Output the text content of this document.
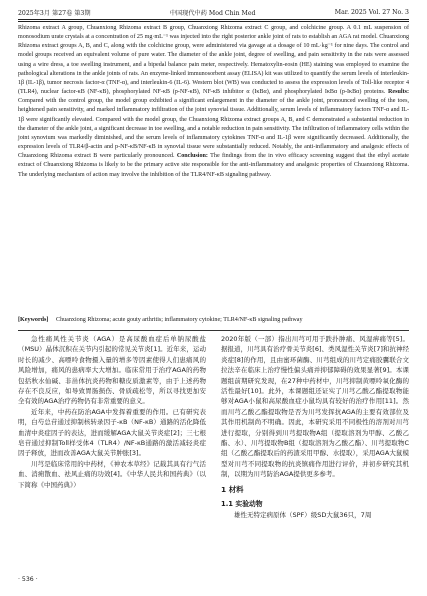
2025年3月 第27卷 第3期	中国现代中药 Mod Chin Med	Mar. 2025 Vol. 27 No. 3

Rhizoma extract A group, Chuanxiong Rhizoma extract B group, Chuanxiong Rhizoma extract C group, and colchicine group. A 0.1 mL suspension of monosodium urate crystals at a concentration of 25 mg·mL⁻¹ was injected into the right posterior ankle joint of rats to establish an AGA rat model. Chuanxiong Rhizoma extract groups A, B, and C, along with the colchicine group, were administered via gavage at a dosage of 10 mL·kg⁻¹ for nine days. The control and model groups received an equivalent volume of pure water. The diameter of the ankle joint, degree of swelling, and pain sensitivity in the rats were assessed using a wire dress, a toe swelling instrument, and a bipedal balance pain meter, respectively. Hematoxylin-eosin (HE) staining was employed to examine the pathological alterations in the ankle joints of rats. An enzyme-linked immunosorbent assay (ELISA) kit was utilized to quantify the serum levels of interleukin-1β (IL-1β), tumor necrosis factor-α (TNF-α), and interleukin-6 (IL-6). Western blot (WB) was conducted to assess the expression levels of Toll-like receptor 4 (TLR4), nuclear factor-κB (NF-κB), phosphorylated NF-κB (p-NF-κB), NF-κB inhibitor α (IκBα), and phosphorylated IκBα (p-IκBα) proteins. Results: Compared with the control group, the model group exhibited a significant enlargement in the diameter of the ankle joint, pronounced swelling of the toes, heightened pain sensitivity, and marked inflammatory infiltration of the joint synovial tissue. Additionally, serum levels of inflammatory factors TNF-α and IL-1β were significantly elevated. Compared with the model group, the Chuanxiong Rhizoma extract groups A, B, and C demonstrated a substantial reduction in the diameter of the ankle joint, a significant decrease in toe swelling, and a notable reduction in pain sensitivity. The infiltration of inflammatory cells within the joint synovium was markedly diminished, and the serum levels of inflammatory cytokines TNF-α and IL-1β were significantly decreased. Additionally, the expression levels of TLR4/β-actin and p-NF-κB/NF-κB in synovial tissue were substantially reduced. Notably, the anti-inflammatory and analgesic effects of Chuanxiong Rhizoma extract B were particularly pronounced. Conclusion: The findings from the in vivo efficacy screening suggest that the ethyl acetate extract of Chuanxiong Rhizoma is likely to be the primary active site responsible for the anti-inflammatory and analgesic properties of Chuanxiong Rhizoma. The underlying mechanism of action may involve the inhibition of the TLR4/NF-κB signaling pathway.

[Keywords] Chuanxiong Rhizoma; acute gouty arthritis; inflammatory cytokine; TLR4/NF-κB signaling pathway

急性痛风性关节炎（AGA）是高尿酸血症后单钠尿酸盐（MSU）晶体沉积在关节内引起的常见关节炎[1]。近年来，运动时长的减少、高嘌呤食物摄入量的增多等因素使得人们患痛风的风险增加，痛风的患病率大大增加。临床常用于治疗AGA的药物包括秋水仙碱、非甾体抗炎药物和糖皮质激素等，由于上述药物存在不良反应，如导致胃肠损伤、骨质疏松等，所以寻找更加安全有效的AGA治疗药物仍有非常重要的意义。

近年来，中药在防治AGA中发挥着重要的作用。已有研究表明，白芍总苷通过抑制核转录因子-κB（NF-κB）通路的活化降低血清中炎症因子的表达，进而缓解AGA大鼠关节炎症[2]；三七根皂苷通过抑制Toll样受体4（TLR4）/NF-κB通路的激活减轻炎症因子释放，进而改善AGA大鼠关节肿胀[3]。

川芎是临床常用的中药材，《神农本草经》记载其具有行气活血、消痈散血、祛风止痛的功效[4]。《中华人民共和国药典》（以下简称《中国药典》）

2020年版（一部）指出川芎可用于跌扑肿痛、风湿痹痛等[5]。据报道，川芎具有治疗骨关节炎[6]、类风湿性关节炎[7]和抗神经炎症[8]的作用，且由蜜环菌酶、川芎组成的川芎定痛胶囊联合文拉法辛在临床上治疗慢性偏头痛并抑郁障碍的效果显著[9]。本课题组前期研究发现，在27种中药材中，川芎抑制黄嘌呤氧化酶的活性最好[10]。此外，本课题组还证实了川芎乙酸乙酯提取物能够对AGA小鼠和高尿酸血症小鼠均具有较好的治疗作用[11]。然而川芎乙酸乙酯提取物是否为川芎发挥抗AGA的主要有效部位及其作用机制尚不明确。因此，本研究采用不同极性的溶剂对川芎进行提取，分别得到川芎提取物A组（提取溶剂为甲醇、乙酸乙酯、水）、川芎提取物B组（提取溶剂为乙酸乙酯）、川芎提取物C组（乙酸乙酯提取后的药渣采用甲醇、水提取），采用AGA大鼠模型对川芎不同提取物的抗炎镇痛作用进行评价，并初步研究其机制，以期为川芎防治AGA提供更多参考。

1 材料
1.1 实验动物

雄性无特定病原体（SPF）级SD大鼠36只，7周

· 536 ·
